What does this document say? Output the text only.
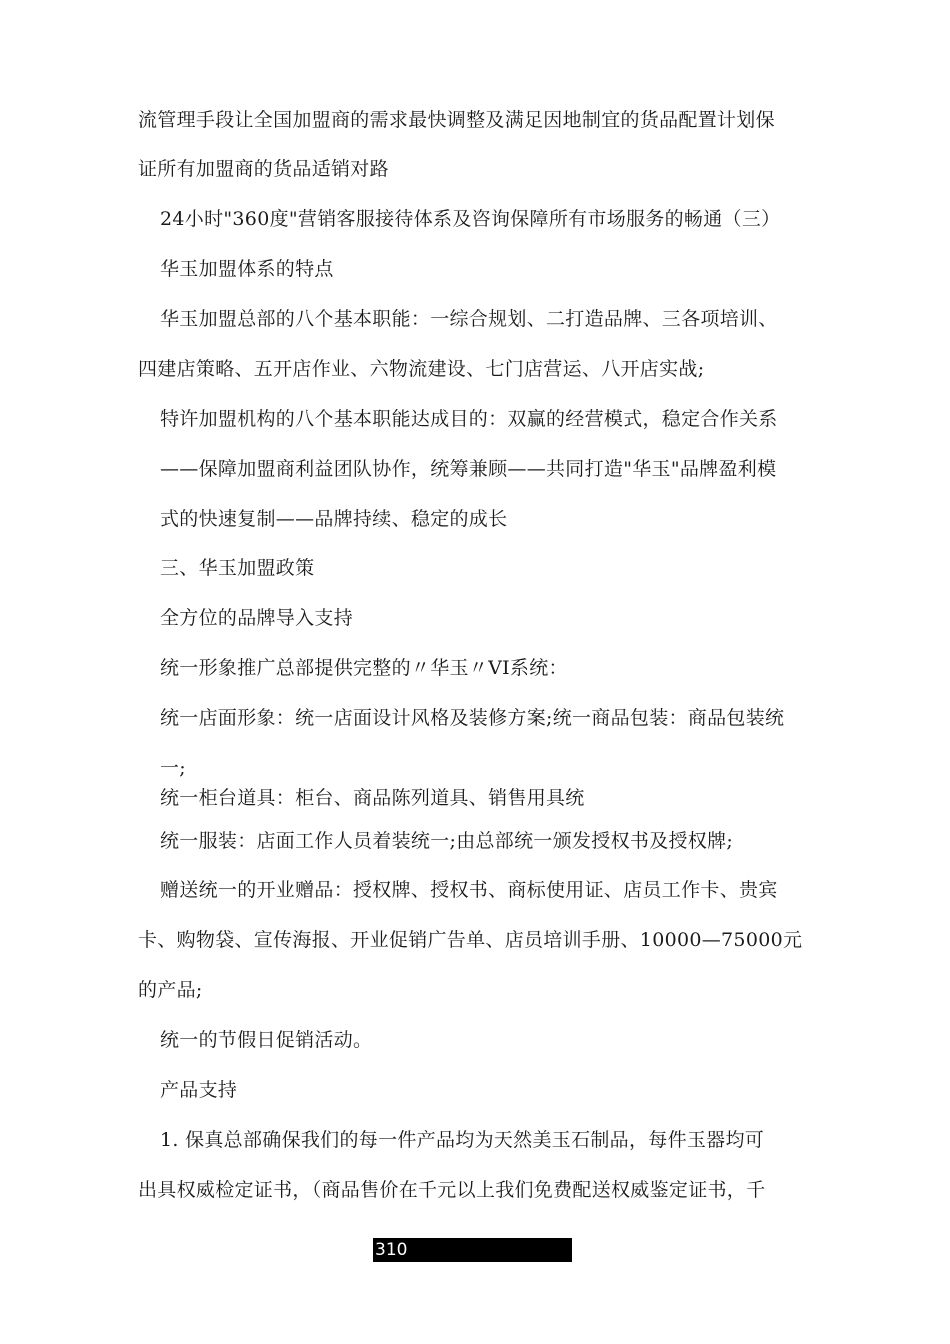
流管理手段让全国加盟商的需求最快调整及满足因地制宜的货品配置计划保
证所有加盟商的货品适销对路
24小时"360度"营销客服接待体系及咨询保障所有市场服务的畅通（三）
华玉加盟体系的特点
华玉加盟总部的八个基本职能：一综合规划、二打造品牌、三各项培训、
四建店策略、五开店作业、六物流建设、七门店营运、八开店实战;
特许加盟机构的八个基本职能达成目的：双赢的经营模式，稳定合作关系
——保障加盟商利益团队协作，统筹兼顾——共同打造"华玉"品牌盈利模
式的快速复制——品牌持续、稳定的成长
三、华玉加盟政策
全方位的品牌导入支持
统一形象推广总部提供完整的〃华玉〃VI系统：
统一店面形象：统一店面设计风格及装修方案;统一商品包装：商品包装统
一;
统一柜台道具：柜台、商品陈列道具、销售用具统
统一服装：店面工作人员着装统一;由总部统一颁发授权书及授权牌;
赠送统一的开业赠品：授权牌、授权书、商标使用证、店员工作卡、贵宾
卡、购物袋、宣传海报、开业促销广告单、店员培训手册、10000—75000元
的产品;
统一的节假日促销活动。
产品支持
1. 保真总部确保我们的每一件产品均为天然美玉石制品，每件玉器均可
出具权威检定证书，（商品售价在千元以上我们免费配送权威鉴定证书，千
310
